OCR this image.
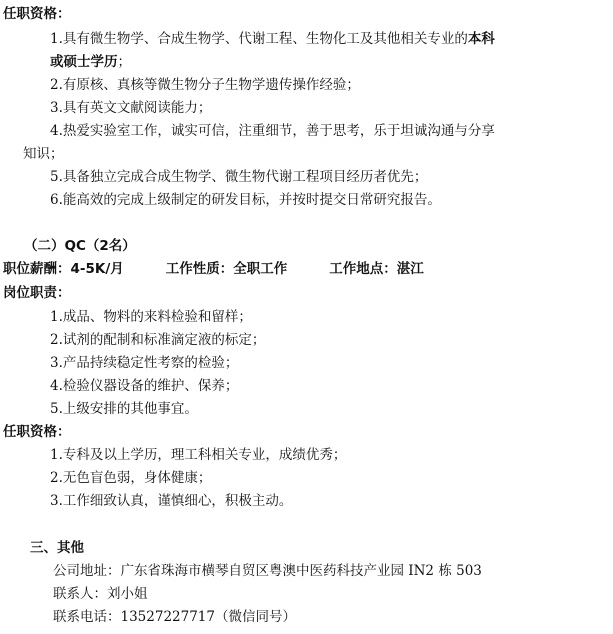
任职资格：
1.具有微生物学、合成生物学、代谢工程、生物化工及其他相关专业的本科
或硕士学历；
2.有原核、真核等微生物分子生物学遗传操作经验；
3.具有英文文献阅读能力；
4.热爱实验室工作，诚实可信，注重细节，善于思考，乐于坦诚沟通与分享
知识；
5.具备独立完成合成生物学、微生物代谢工程项目经历者优先；
6.能高效的完成上级制定的研发目标，并按时提交日常研究报告。
（二）QC（2名）
职位薪酬：4-5K/月	工作性质：全职工作	工作地点：湛江
岗位职责：
1.成品、物料的来料检验和留样；
2.试剂的配制和标准滴定液的标定；
3.产品持续稳定性考察的检验；
4.检验仪器设备的维护、保养；
5.上级安排的其他事宜。
任职资格：
1.专科及以上学历，理工科相关专业，成绩优秀；
2.无色盲色弱，身体健康；
3.工作细致认真，谨慎细心，积极主动。
三、其他
公司地址：广东省珠海市横琴自贸区粤澳中医药科技产业园 IN2 栋 503
联系人：刘小姐
联系电话：13527227717（微信同号）
